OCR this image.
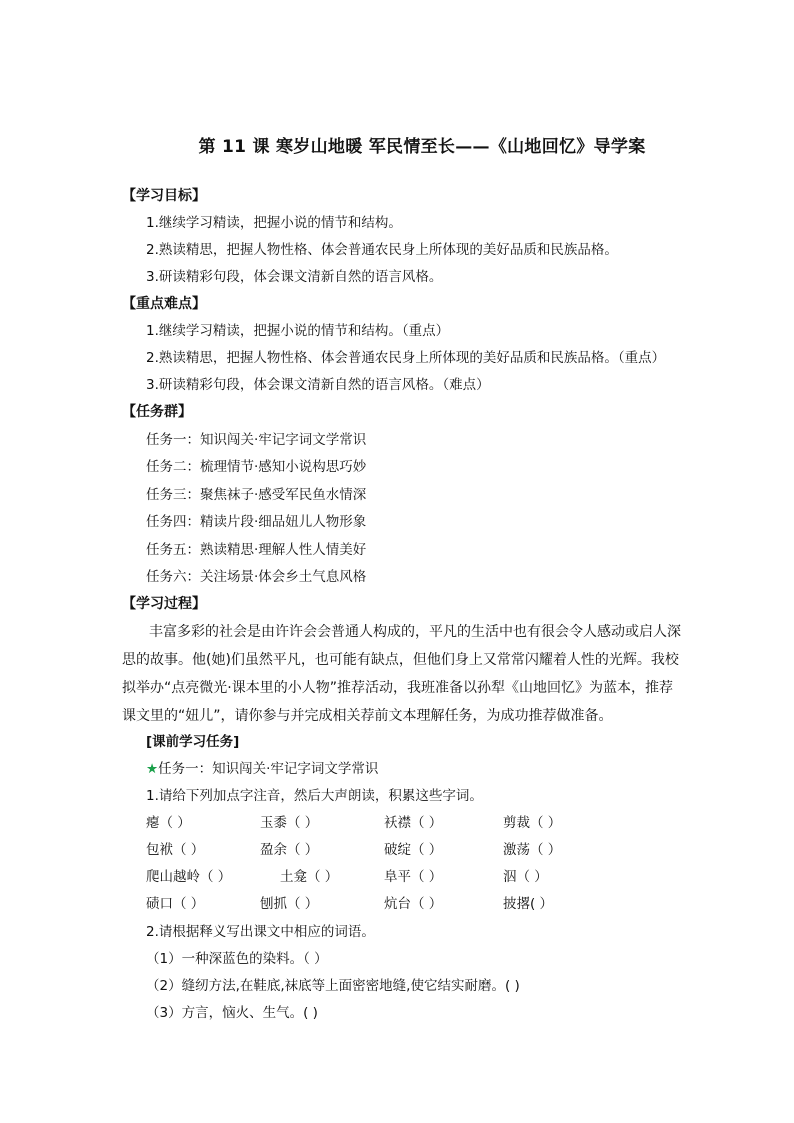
第 11 课 寒岁山地暖 军民情至长——《山地回忆》导学案
【学习目标】
1.继续学习精读，把握小说的情节和结构。
2.熟读精思，把握人物性格、体会普通农民身上所体现的美好品质和民族品格。
3.研读精彩句段，体会课文清新自然的语言风格。
【重点难点】
1.继续学习精读，把握小说的情节和结构。（重点）
2.熟读精思，把握人物性格、体会普通农民身上所体现的美好品质和民族品格。（重点）
3.研读精彩句段，体会课文清新自然的语言风格。（难点）
【任务群】
任务一：知识闯关·牢记字词文学常识
任务二：梳理情节·感知小说构思巧妙
任务三：聚焦袜子·感受军民鱼水情深
任务四：精读片段·细品妞儿人物形象
任务五：熟读精思·理解人性人情美好
任务六：关注场景·体会乡土气息风格
【学习过程】
丰富多彩的社会是由许许会会普通人构成的，平凡的生活中也有很会令人感动或启人深思的故事。他(她)们虽然平凡，也可能有缺点，但他们身上又常常闪耀着人性的光辉。我校拟举办“点亮微光·课本里的小人物”推荐活动，我班准备以孙犁《山地回忆》为蓝本，推荐课文里的“妞儿”，请你参与并完成相关荐前文本理解任务，为成功推荐做准备。
[课前学习任务]
★任务一：知识闯关·牢记字词文学常识
1.请给下列加点字注音，然后大声朗读，积累这些字词。
瘪（ ）	玉黍（ ）	袄襟（ ）	剪裁（ ）
包袱（ ）	盈余（ ）	破绽（ ）	激荡（ ）
爬山越岭（ ）	土龛（ ）	阜平（ ）	泅（ ）
碛口（ ）	刨抓（ ）	炕台（ ）	披撂( ）
2.请根据释义写出课文中相应的词语。
（1）一种深蓝色的染料。（ ）
（2）缝纫方法,在鞋底,袜底等上面密密地缝,使它结实耐磨。( )
（3）方言，恼火、生气。( )
